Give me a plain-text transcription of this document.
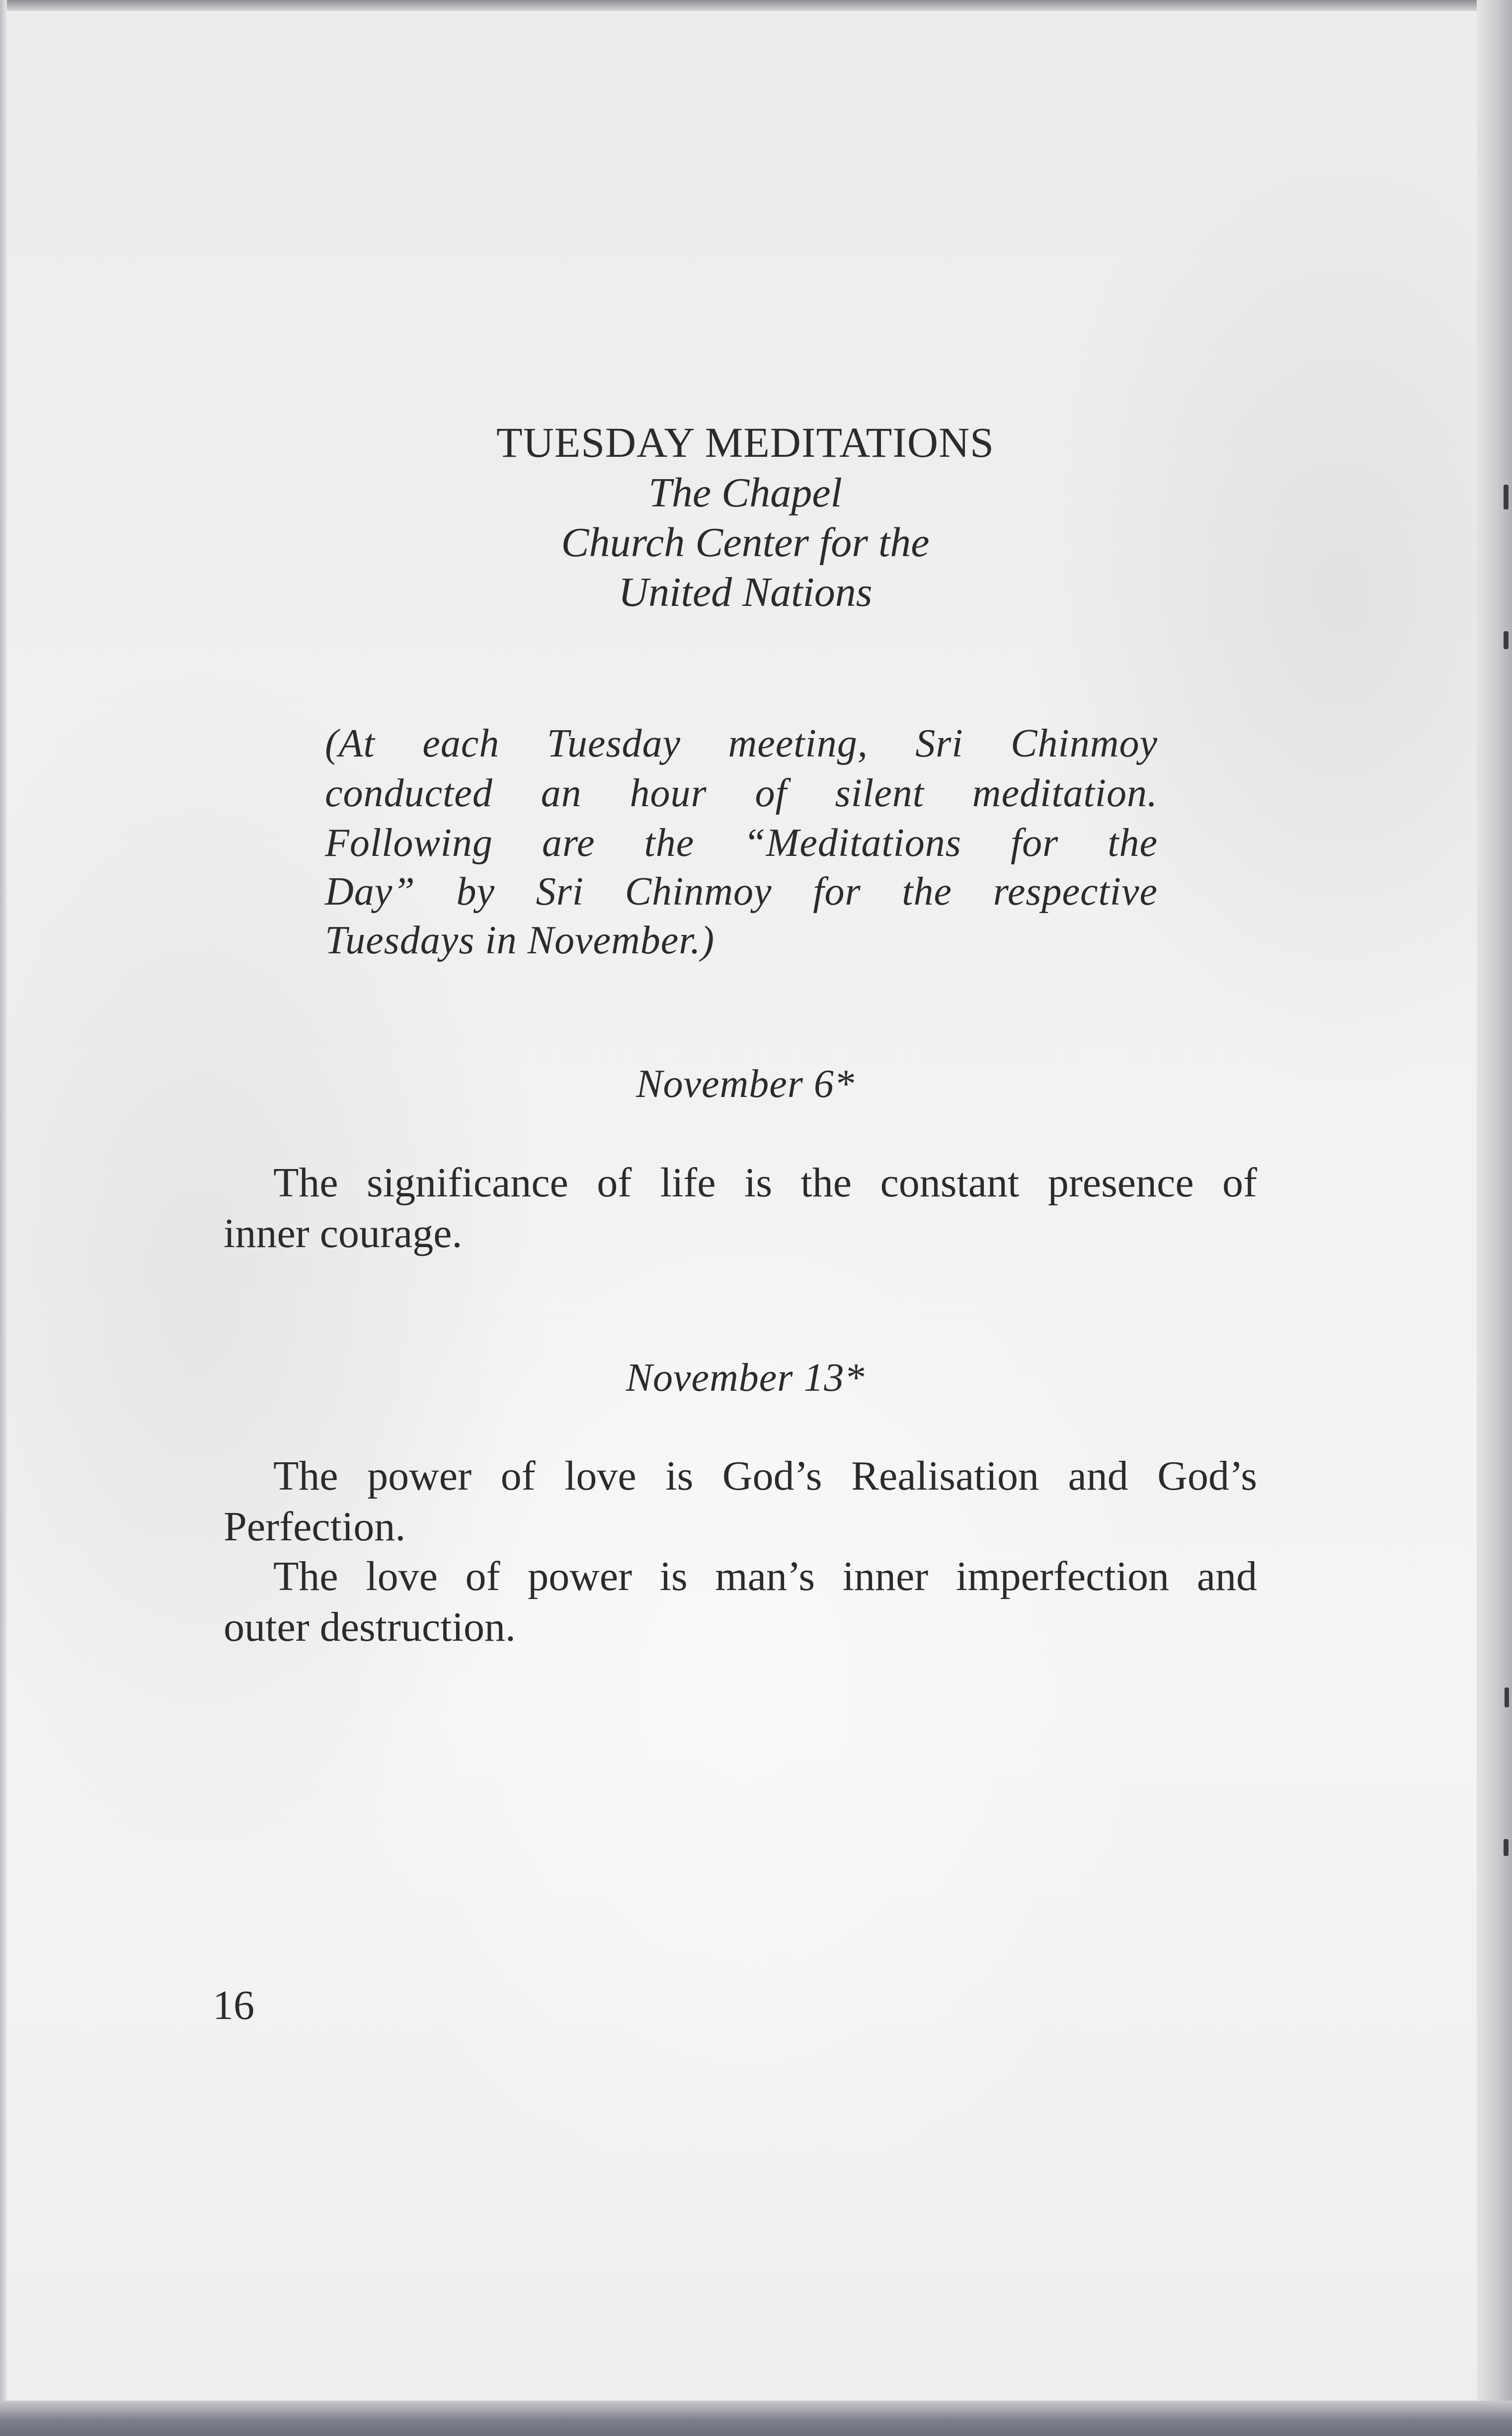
TUESDAY MEDITATIONS

The Chapel

Church Center for the

United Nations

(At each Tuesday meeting, Sri Chinmoy

conducted an hour of silent meditation.

Following are the “Meditations for the

Day” by Sri Chinmoy for the respective

Tuesdays in November.)

November 6*

The significance of life is the constant presence of

inner courage.

November 13*

The power of love is God’s Realisation and God’s

Perfection.

The love of power is man’s inner imperfection and

outer destruction.

16
